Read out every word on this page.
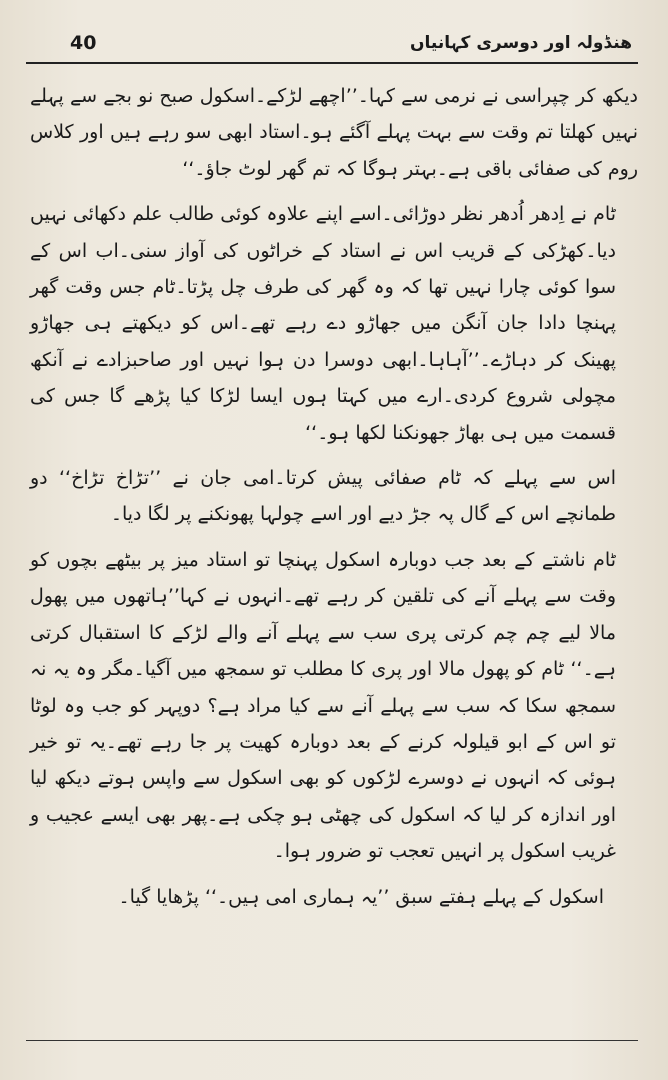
40	ھنڈولہ اور دوسری کہانیاں

دیکھ کر چپراسی نے نرمی سے کہا۔’’اچھے لڑکے۔اسکول صبح نو بجے سے پہلے نہیں کھلتا تم وقت سے بہت پہلے آگئے ہو۔استاد ابھی سو رہے ہیں اور کلاس روم کی صفائی باقی ہے۔بہتر ہوگا کہ تم گھر لوٹ جاؤ۔‘‘

ٹام نے اِدھر اُدھر نظر دوڑائی۔اسے اپنے علاوہ کوئی طالب علم دکھائی نہیں دیا۔کھڑکی کے قریب اس نے استاد کے خراٹوں کی آواز سنی۔اب اس کے سوا کوئی چارا نہیں تھا کہ وہ گھر کی طرف چل پڑتا۔ٹام جس وقت گھر پہنچا دادا جان آنگن میں جھاڑو دے رہے تھے۔اس کو دیکھتے ہی جھاڑو پھینک کر دہاڑے۔’’آہاہا۔ابھی دوسرا دن ہوا نہیں اور صاحبزادے نے آنکھ مچولی شروع کردی۔ارے میں کہتا ہوں ایسا لڑکا کیا پڑھے گا جس کی قسمت میں ہی بھاڑ جھونکنا لکھا ہو۔‘‘

اس سے پہلے کہ ٹام صفائی پیش کرتا۔امی جان نے ’’تڑاخ تڑاخ‘‘ دو طمانچے اس کے گال پہ جڑ دیے اور اسے چولہا پھونکنے پر لگا دیا۔

ٹام ناشتے کے بعد جب دوبارہ اسکول پہنچا تو استاد میز پر بیٹھے بچوں کو وقت سے پہلے آنے کی تلقین کر رہے تھے۔انہوں نے کہا’’ہاتھوں میں پھول مالا لیے چم چم کرتی پری سب سے پہلے آنے والے لڑکے کا استقبال کرتی ہے۔‘‘ ٹام کو پھول مالا اور پری کا مطلب تو سمجھ میں آگیا۔مگر وہ یہ نہ سمجھ سکا کہ سب سے پہلے آنے سے کیا مراد ہے؟ دوپہر کو جب وہ لوٹا تو اس کے ابو قیلولہ کرنے کے بعد دوبارہ کھیت پر جا رہے تھے۔یہ تو خیر ہوئی کہ انہوں نے دوسرے لڑکوں کو بھی اسکول سے واپس ہوتے دیکھ لیا اور اندازہ کر لیا کہ اسکول کی چھٹی ہو چکی ہے۔پھر بھی ایسے عجیب و غریب اسکول پر انہیں تعجب تو ضرور ہوا۔

اسکول کے پہلے ہفتے سبق ’’یہ ہماری امی ہیں۔‘‘ پڑھایا گیا۔
